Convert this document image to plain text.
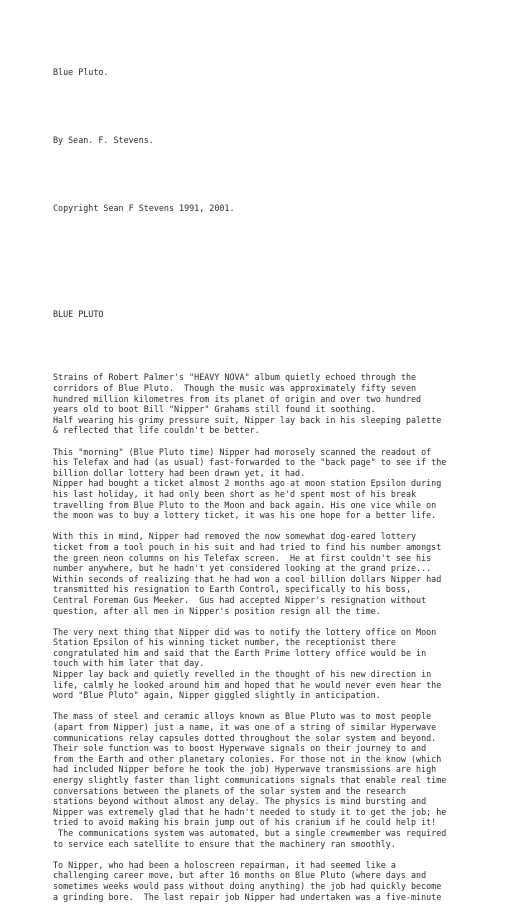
Blue Pluto.

By Sean. F. Stevens.

Copyright Sean F Stevens 1991, 2001.

BLUE PLUTO

Strains of Robert Palmer's "HEAVY NOVA" album quietly echoed through the
corridors of Blue Pluto.  Though the music was approximately fifty seven
hundred million kilometres from its planet of origin and over two hundred
years old to boot Bill "Nipper" Grahams still found it soothing.
Half wearing his grimy pressure suit, Nipper lay back in his sleeping palette
& reflected that life couldn't be better.
This "morning" (Blue Pluto time) Nipper had morosely scanned the readout of
his Telefax and had (as usual) fast-forwarded to the "back page" to see if the
billion dollar lottery had been drawn yet, it had.
Nipper had bought a ticket almost 2 months ago at moon station Epsilon during
his last holiday, it had only been short as he'd spent most of his break
travelling from Blue Pluto to the Moon and back again. His one vice while on
the moon was to buy a lottery ticket, it was his one hope for a better life.
With this in mind, Nipper had removed the now somewhat dog-eared lottery
ticket from a tool pouch in his suit and had tried to find his number amongst
the green neon columns on his Telefax screen.  He at first couldn't see his
number anywhere, but he hadn't yet considered looking at the grand prize...
Within seconds of realizing that he had won a cool billion dollars Nipper had
transmitted his resignation to Earth Control, specifically to his boss,
Central Foreman Gus Meeker.  Gus had accepted Nipper's resignation without
question, after all men in Nipper's position resign all the time.
The very next thing that Nipper did was to notify the lottery office on Moon
Station Epsilon of his winning ticket number, the receptionist there
congratulated him and said that the Earth Prime lottery office would be in
touch with him later that day.
Nipper lay back and quietly revelled in the thought of his new direction in
life, calmly he looked around him and hoped that he would never even hear the
word "Blue Pluto" again, Nipper giggled slightly in anticipation.
The mass of steel and ceramic alloys known as Blue Pluto was to most people
(apart from Nipper) just a name, it was one of a string of similar Hyperwave
communications relay capsules dotted throughout the solar system and beyond.
Their sole function was to boost Hyperwave signals on their journey to and
from the Earth and other planetary colonies. For those not in the know (which
had included Nipper before he took the job) Hyperwave transmissions are high
energy slightly faster than light communications signals that enable real time
conversations between the planets of the solar system and the research
stations beyond without almost any delay. The physics is mind bursting and
Nipper was extremely glad that he hadn't needed to study it to get the job; he
tried to avoid making his brain jump out of his cranium if he could help it!
The communications system was automated, but a single crewmember was required
to service each satellite to ensure that the machinery ran smoothly.
To Nipper, who had been a holoscreen repairman, it had seemed like a
challenging career move, but after 16 months on Blue Pluto (where days and
sometimes weeks would pass without doing anything) the job had quickly become
a grinding bore.  The last repair job Nipper had undertaken was a five-minute
